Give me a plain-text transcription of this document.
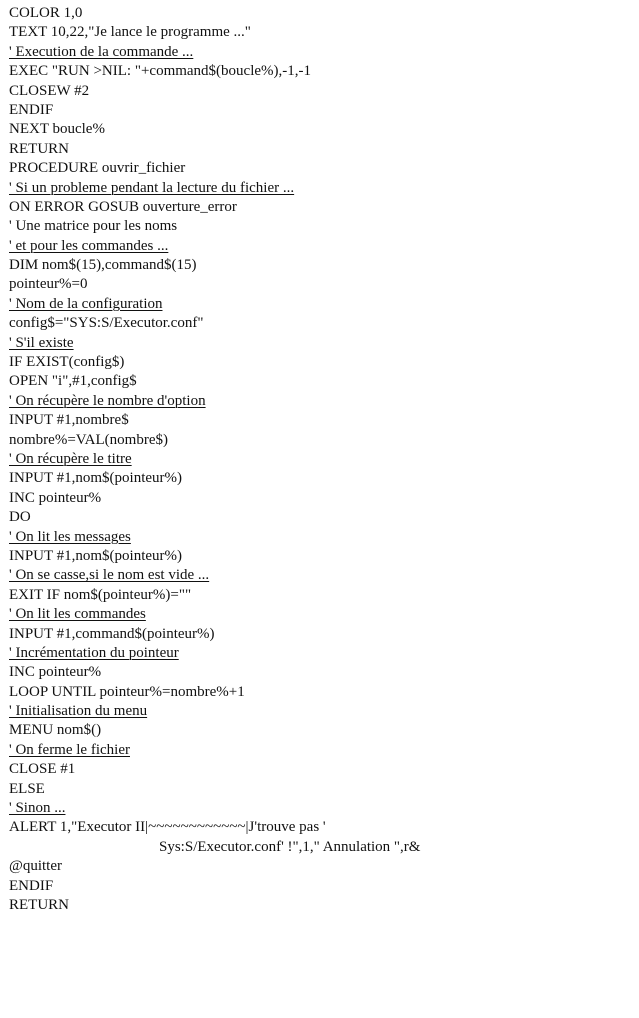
COLOR 1,0
TEXT 10,22,"Je lance le programme ..."
' Execution de la commande ...
EXEC "RUN >NIL: "+command$(boucle%),-1,-1
CLOSEW #2
ENDIF
NEXT boucle%
RETURN
PROCEDURE ouvrir_fichier
' Si un probleme pendant la lecture du fichier ...
ON ERROR GOSUB ouverture_error
' Une matrice pour les noms
' et pour les commandes ...
DIM nom$(15),command$(15)
pointeur%=0
' Nom de la configuration
config$="SYS:S/Executor.conf"
' S'il existe
IF EXIST(config$)
OPEN "i",#1,config$
' On récupère le nombre d'option
INPUT #1,nombre$
nombre%=VAL(nombre$)
' On récupère le titre
INPUT #1,nom$(pointeur%)
INC pointeur%
DO
' On lit les messages
INPUT #1,nom$(pointeur%)
' On se casse,si le nom est vide ...
EXIT IF nom$(pointeur%)=""
' On lit les commandes
INPUT #1,command$(pointeur%)
' Incrémentation du pointeur
INC pointeur%
LOOP UNTIL pointeur%=nombre%+1
' Initialisation du menu
MENU nom$()
' On ferme le fichier
CLOSE #1
ELSE
' Sinon ...
ALERT 1,"Executor II|~~~~~~~~~~~~|J'trouve pas '
Sys:S/Executor.conf' !",1," Annulation ",r&
@quitter
ENDIF
RETURN
